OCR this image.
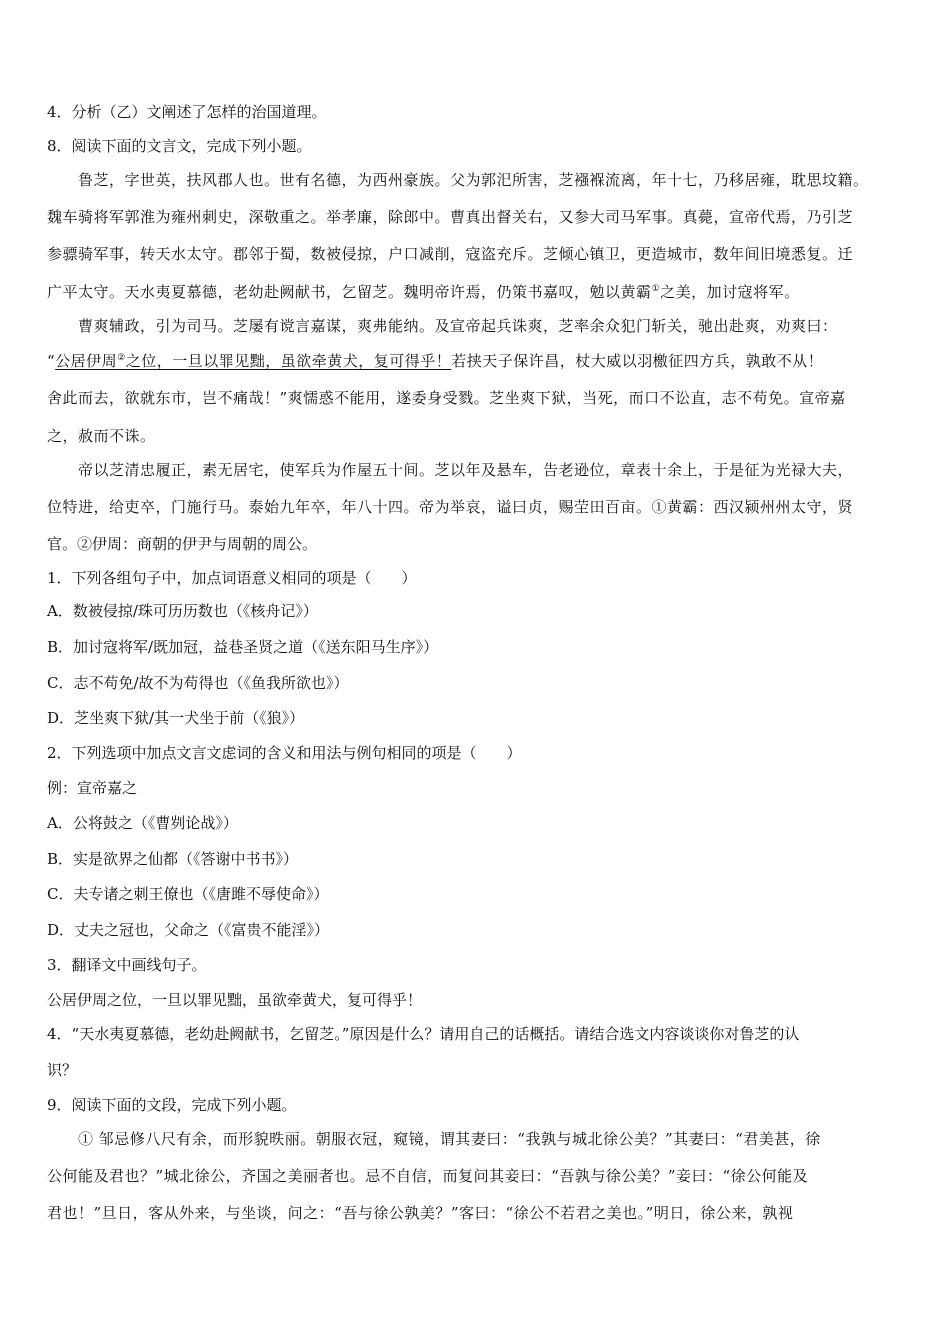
4．分析（乙）文阐述了怎样的治国道理。
8．阅读下面的文言文，完成下列小题。
鲁芝，字世英，扶风郡人也。世有名德，为西州豪族。父为郭汜所害，芝襁褓流离，年十七，乃移居雍，耽思坟籍。
魏车骑将军郭淮为雍州刺史，深敬重之。举孝廉，除郎中。曹真出督关右，又参大司马军事。真薨，宣帝代焉，乃引芝
参骠骑军事，转天水太守。郡邻于蜀，数被侵掠，户口减削，寇盗充斥。芝倾心镇卫，更造城市，数年间旧境悉复。迁
广平太守。天水夷夏慕德，老幼赴阙献书，乞留芝。魏明帝许焉，仍策书嘉叹，勉以黄霸①之美，加讨寇将军。
曹爽辅政，引为司马。芝屡有谠言嘉谋，爽弗能纳。及宣帝起兵诛爽，芝率余众犯门斩关，驰出赴爽，劝爽曰：
“公居伊周②之位，一旦以罪见黜，虽欲牵黄犬，复可得乎！若挟天子保许昌，杖大威以羽檄征四方兵，孰敢不从！
舍此而去，欲就东市，岂不痛哉！”爽懦惑不能用，遂委身受戮。芝坐爽下狱，当死，而口不讼直，志不苟免。宣帝嘉
之，赦而不诛。
帝以芝清忠履正，素无居宅，使军兵为作屋五十间。芝以年及悬车，告老逊位，章表十余上，于是征为光禄大夫，
位特进，给吏卒，门施行马。泰始九年卒，年八十四。帝为举哀，谥曰贞，赐茔田百亩。①黄霸：西汉颍州州太守，贤
官。②伊周：商朝的伊尹与周朝的周公。
1．下列各组句子中，加点词语意义相同的项是（　　）
A．数被侵掠/珠可历历数也（《核舟记》）
B．加讨寇将军/既加冠，益巷圣贤之道（《送东阳马生序》）
C．志不苟免/故不为苟得也（《鱼我所欲也》）
D．芝坐爽下狱/其一犬坐于前（《狼》）
2．下列选项中加点文言文虑词的含义和用法与例句相同的项是（　　）
例：宣帝嘉之
A．公将鼓之（《曹刿论战》）
B．实是欲界之仙都（《答谢中书书》）
C．夫专诸之刺王僚也（《唐雎不辱使命》）
D．丈夫之冠也，父命之（《富贵不能淫》）
3．翻译文中画线句子。
公居伊周之位，一旦以罪见黜，虽欲牵黄犬，复可得乎！
4．“天水夷夏慕德，老幼赴阙献书，乞留芝。”原因是什么？请用自己的话概括。请结合选文内容谈谈你对鲁芝的认
识？
9．阅读下面的文段，完成下列小题。
① 邹忌修八尺有余，而形貌昳丽。朝服衣冠，窥镜，谓其妻曰：“我孰与城北徐公美？”其妻曰：“君美甚，徐
公何能及君也？”城北徐公，齐国之美丽者也。忌不自信，而复问其妾曰：“吾孰与徐公美？”妾曰：“徐公何能及
君也！”旦日，客从外来，与坐谈，问之：“吾与徐公孰美？”客曰：“徐公不若君之美也。”明日，徐公来，孰视
